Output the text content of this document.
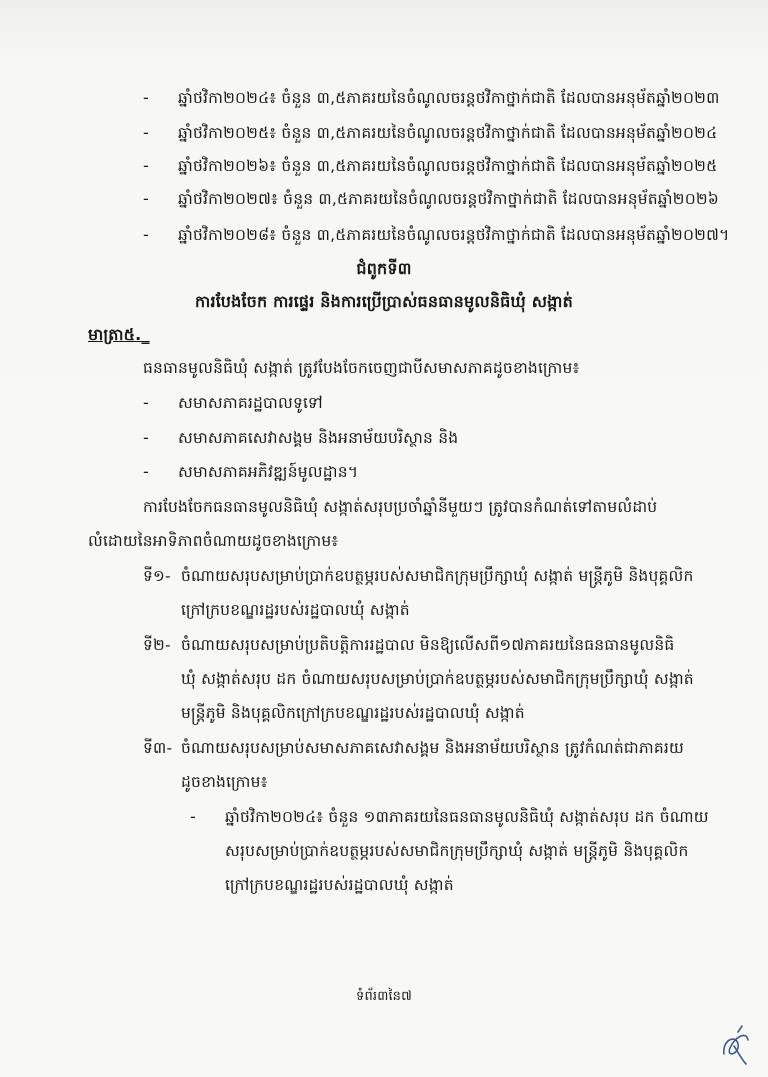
- ឆ្នាំថវិកា២០២៤៖ ចំនួន ៣,៥ភាគរយនៃចំណូលចរន្តថវិកាថ្នាក់ជាតិ ដែលបានអនុម័តឆ្នាំ២០២៣
- ឆ្នាំថវិកា២០២៥៖ ចំនួន ៣,៥ភាគរយនៃចំណូលចរន្តថវិកាថ្នាក់ជាតិ ដែលបានអនុម័តឆ្នាំ២០២៤
- ឆ្នាំថវិកា២០២៦៖ ចំនួន ៣,៥ភាគរយនៃចំណូលចរន្តថវិកាថ្នាក់ជាតិ ដែលបានអនុម័តឆ្នាំ២០២៥
- ឆ្នាំថវិកា២០២៧៖ ចំនួន ៣,៥ភាគរយនៃចំណូលចរន្តថវិកាថ្នាក់ជាតិ ដែលបានអនុម័តឆ្នាំ២០២៦
- ឆ្នាំថវិកា២០២៨៖ ចំនួន ៣,៥ភាគរយនៃចំណូលចរន្តថវិកាថ្នាក់ជាតិ ដែលបានអនុម័តឆ្នាំ២០២៧។
ជំពូកទី៣
ការបែងចែក ការផ្ទេរ និងការប្រើប្រាស់ធនធានមូលនិធិឃុំ សង្កាត់
មាត្រា៥._
ធនធានមូលនិធិឃុំ សង្កាត់ ត្រូវបែងចែកចេញជាបីសមាសភាគដូចខាងក្រោម៖
- សមាសភាគរដ្ឋបាលទូទៅ
- សមាសភាគសេវាសង្គម និងអនាម័យបរិស្ថាន និង
- សមាសភាគអភិវឌ្ឍន៍មូលដ្ឋាន។
ការបែងចែកធនធានមូលនិធិឃុំ សង្កាត់សរុបប្រចាំឆ្នាំនីមួយៗ ត្រូវបានកំណត់ទៅតាមលំដាប់
លំដោយនៃអាទិភាពចំណាយដូចខាងក្រោម៖
ទី១- ចំណាយសរុបសម្រាប់ប្រាក់ឧបត្ថម្ភរបស់សមាជិកក្រុមប្រឹក្សាឃុំ សង្កាត់ មន្ត្រីភូមិ និងបុគ្គលិក
ក្រៅក្របខណ្ឌរដ្ឋរបស់រដ្ឋបាលឃុំ សង្កាត់
ទី២- ចំណាយសរុបសម្រាប់ប្រតិបត្តិការរដ្ឋបាល មិនឱ្យលើសពី១៧ភាគរយនៃធនធានមូលនិធិ
ឃុំ សង្កាត់សរុប ដក ចំណាយសរុបសម្រាប់ប្រាក់ឧបត្ថម្ភរបស់សមាជិកក្រុមប្រឹក្សាឃុំ សង្កាត់
មន្ត្រីភូមិ និងបុគ្គលិកក្រៅក្របខណ្ឌរដ្ឋរបស់រដ្ឋបាលឃុំ សង្កាត់
ទី៣- ចំណាយសរុបសម្រាប់សមាសភាគសេវាសង្គម និងអនាម័យបរិស្ថាន ត្រូវកំណត់ជាភាគរយ
ដូចខាងក្រោម៖
- ឆ្នាំថវិកា២០២៤៖ ចំនួន ១៣ភាគរយនៃធនធានមូលនិធិឃុំ សង្កាត់សរុប ដក ចំណាយ
សរុបសម្រាប់ប្រាក់ឧបត្ថម្ភរបស់សមាជិកក្រុមប្រឹក្សាឃុំ សង្កាត់ មន្ត្រីភូមិ និងបុគ្គលិក
ក្រៅក្របខណ្ឌរដ្ឋរបស់រដ្ឋបាលឃុំ សង្កាត់
ទំព័រ៣នៃ៧
